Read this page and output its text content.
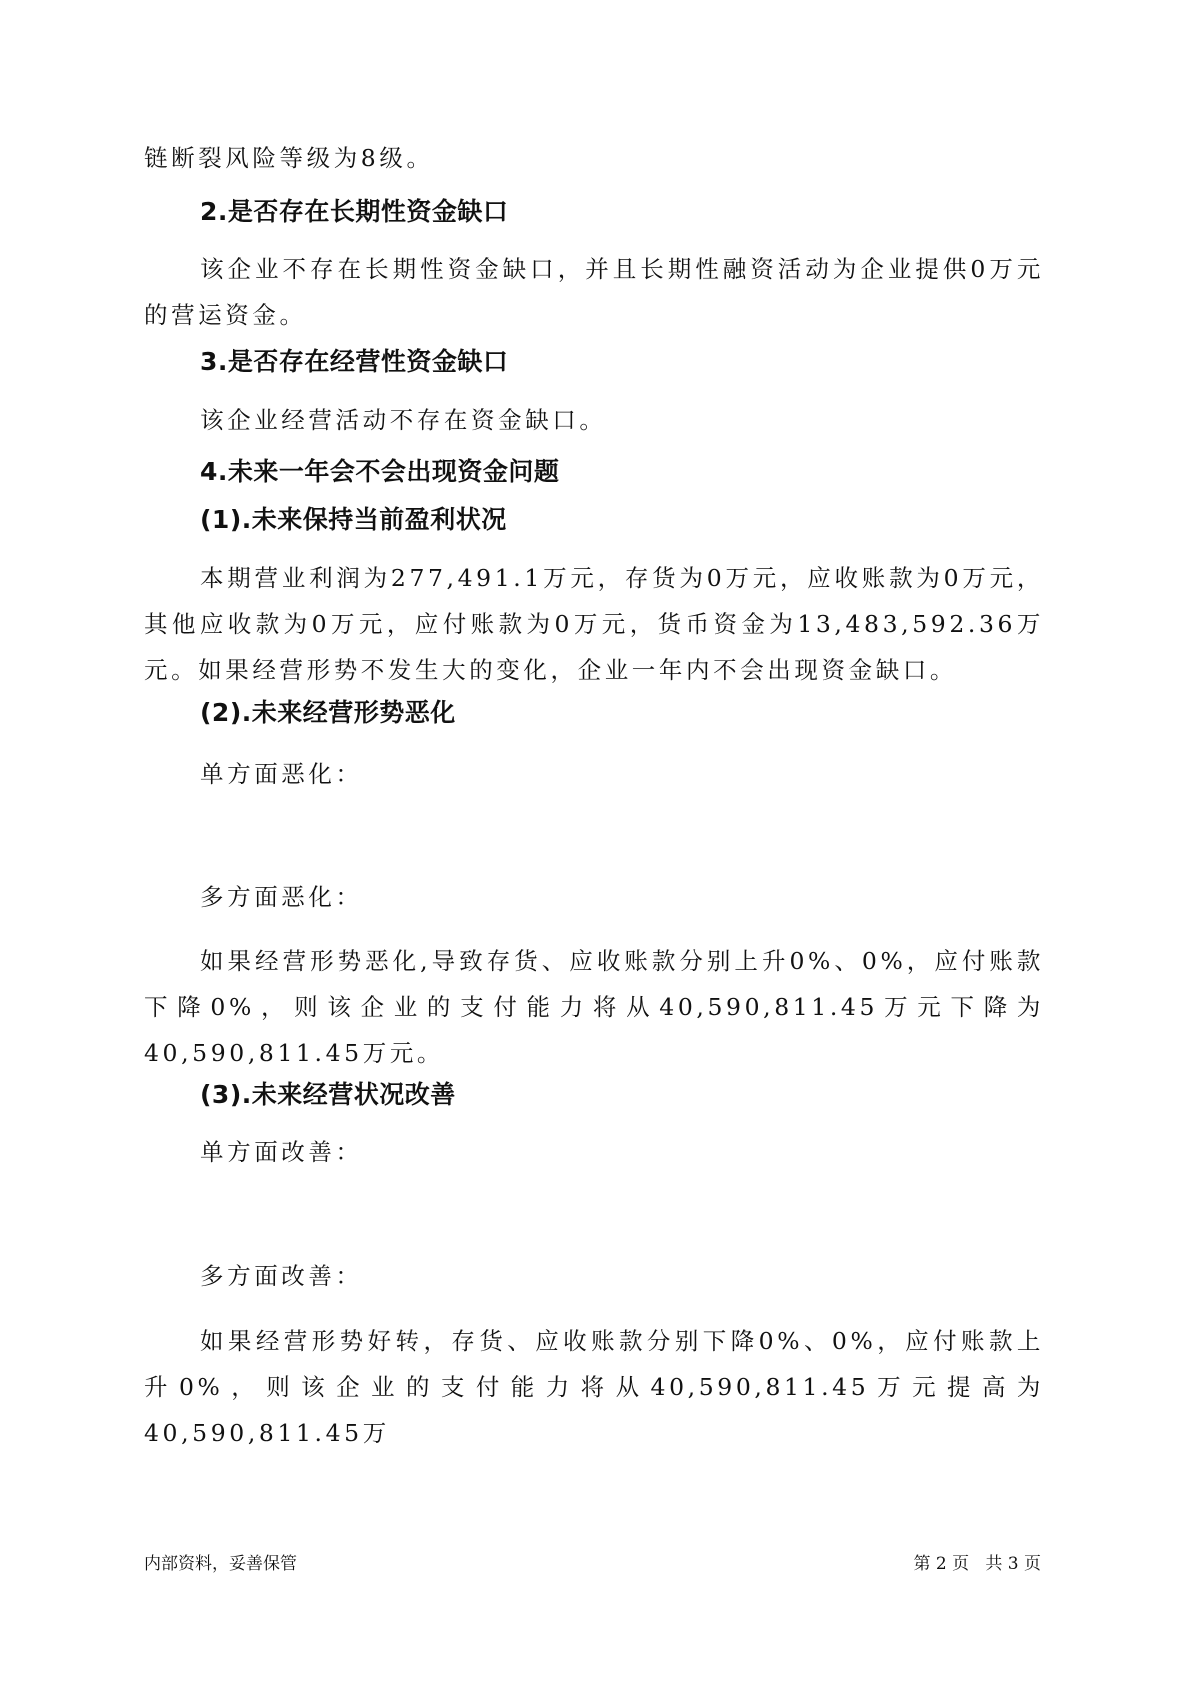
链断裂风险等级为8级。

2.是否存在长期性资金缺口

该企业不存在长期性资金缺口，并且长期性融资活动为企业提供0万元的营运资金。

3.是否存在经营性资金缺口

该企业经营活动不存在资金缺口。

4.未来一年会不会出现资金问题
(1).未来保持当前盈利状况

本期营业利润为277,491.1万元，存货为0万元，应收账款为0万元，其他应收款为0万元，应付账款为0万元，货币资金为13,483,592.36万元。如果经营形势不发生大的变化，企业一年内不会出现资金缺口。

(2).未来经营形势恶化

单方面恶化：

多方面恶化：

如果经营形势恶化,导致存货、应收账款分别上升0%、0%，应付账款下降0%，则该企业的支付能力将从40,590,811.45万元下降为40,590,811.45万元。

(3).未来经营状况改善

单方面改善：

多方面改善：

如果经营形势好转，存货、应收账款分别下降0%、0%，应付账款上升0%，则该企业的支付能力将从40,590,811.45万元提高为40,590,811.45万

内部资料，妥善保管	第 2 页   共 3 页
